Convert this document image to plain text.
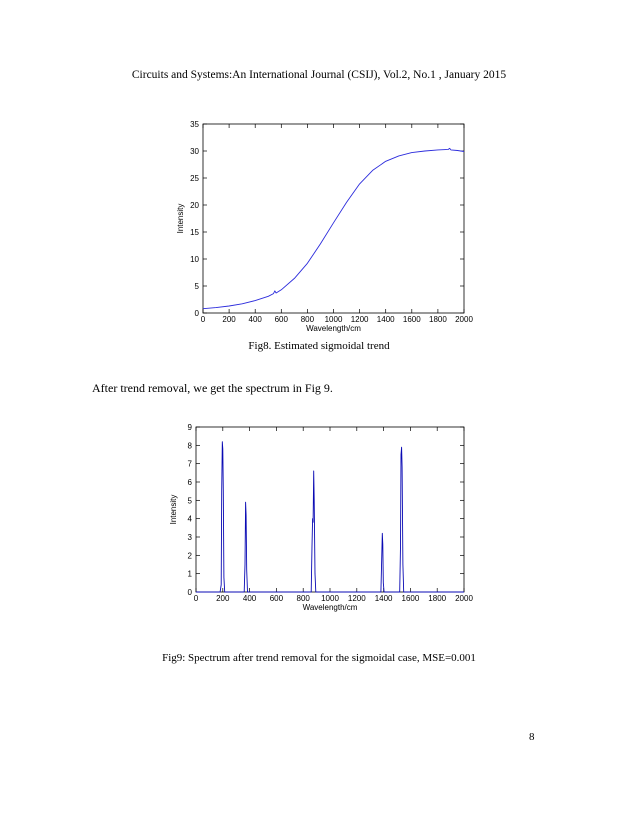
Circuits and Systems:An International Journal (CSIJ), Vol.2, No.1 , January 2015
0 200 400 600 800 1000 1200 1400 1600 1800 2000
0
5
10
15
20
25
30
35
Wavelength/cm
Intensity
Fig8. Estimated sigmoidal trend
After trend removal, we get the spectrum in Fig 9.
0 200 400 600 800 1000 1200 1400 1600 1800 2000
0
1
2
3
4
5
6
7
8
9
Wavelength/cm
Intensity
Fig9: Spectrum after trend removal for the sigmoidal case, MSE=0.001
8
